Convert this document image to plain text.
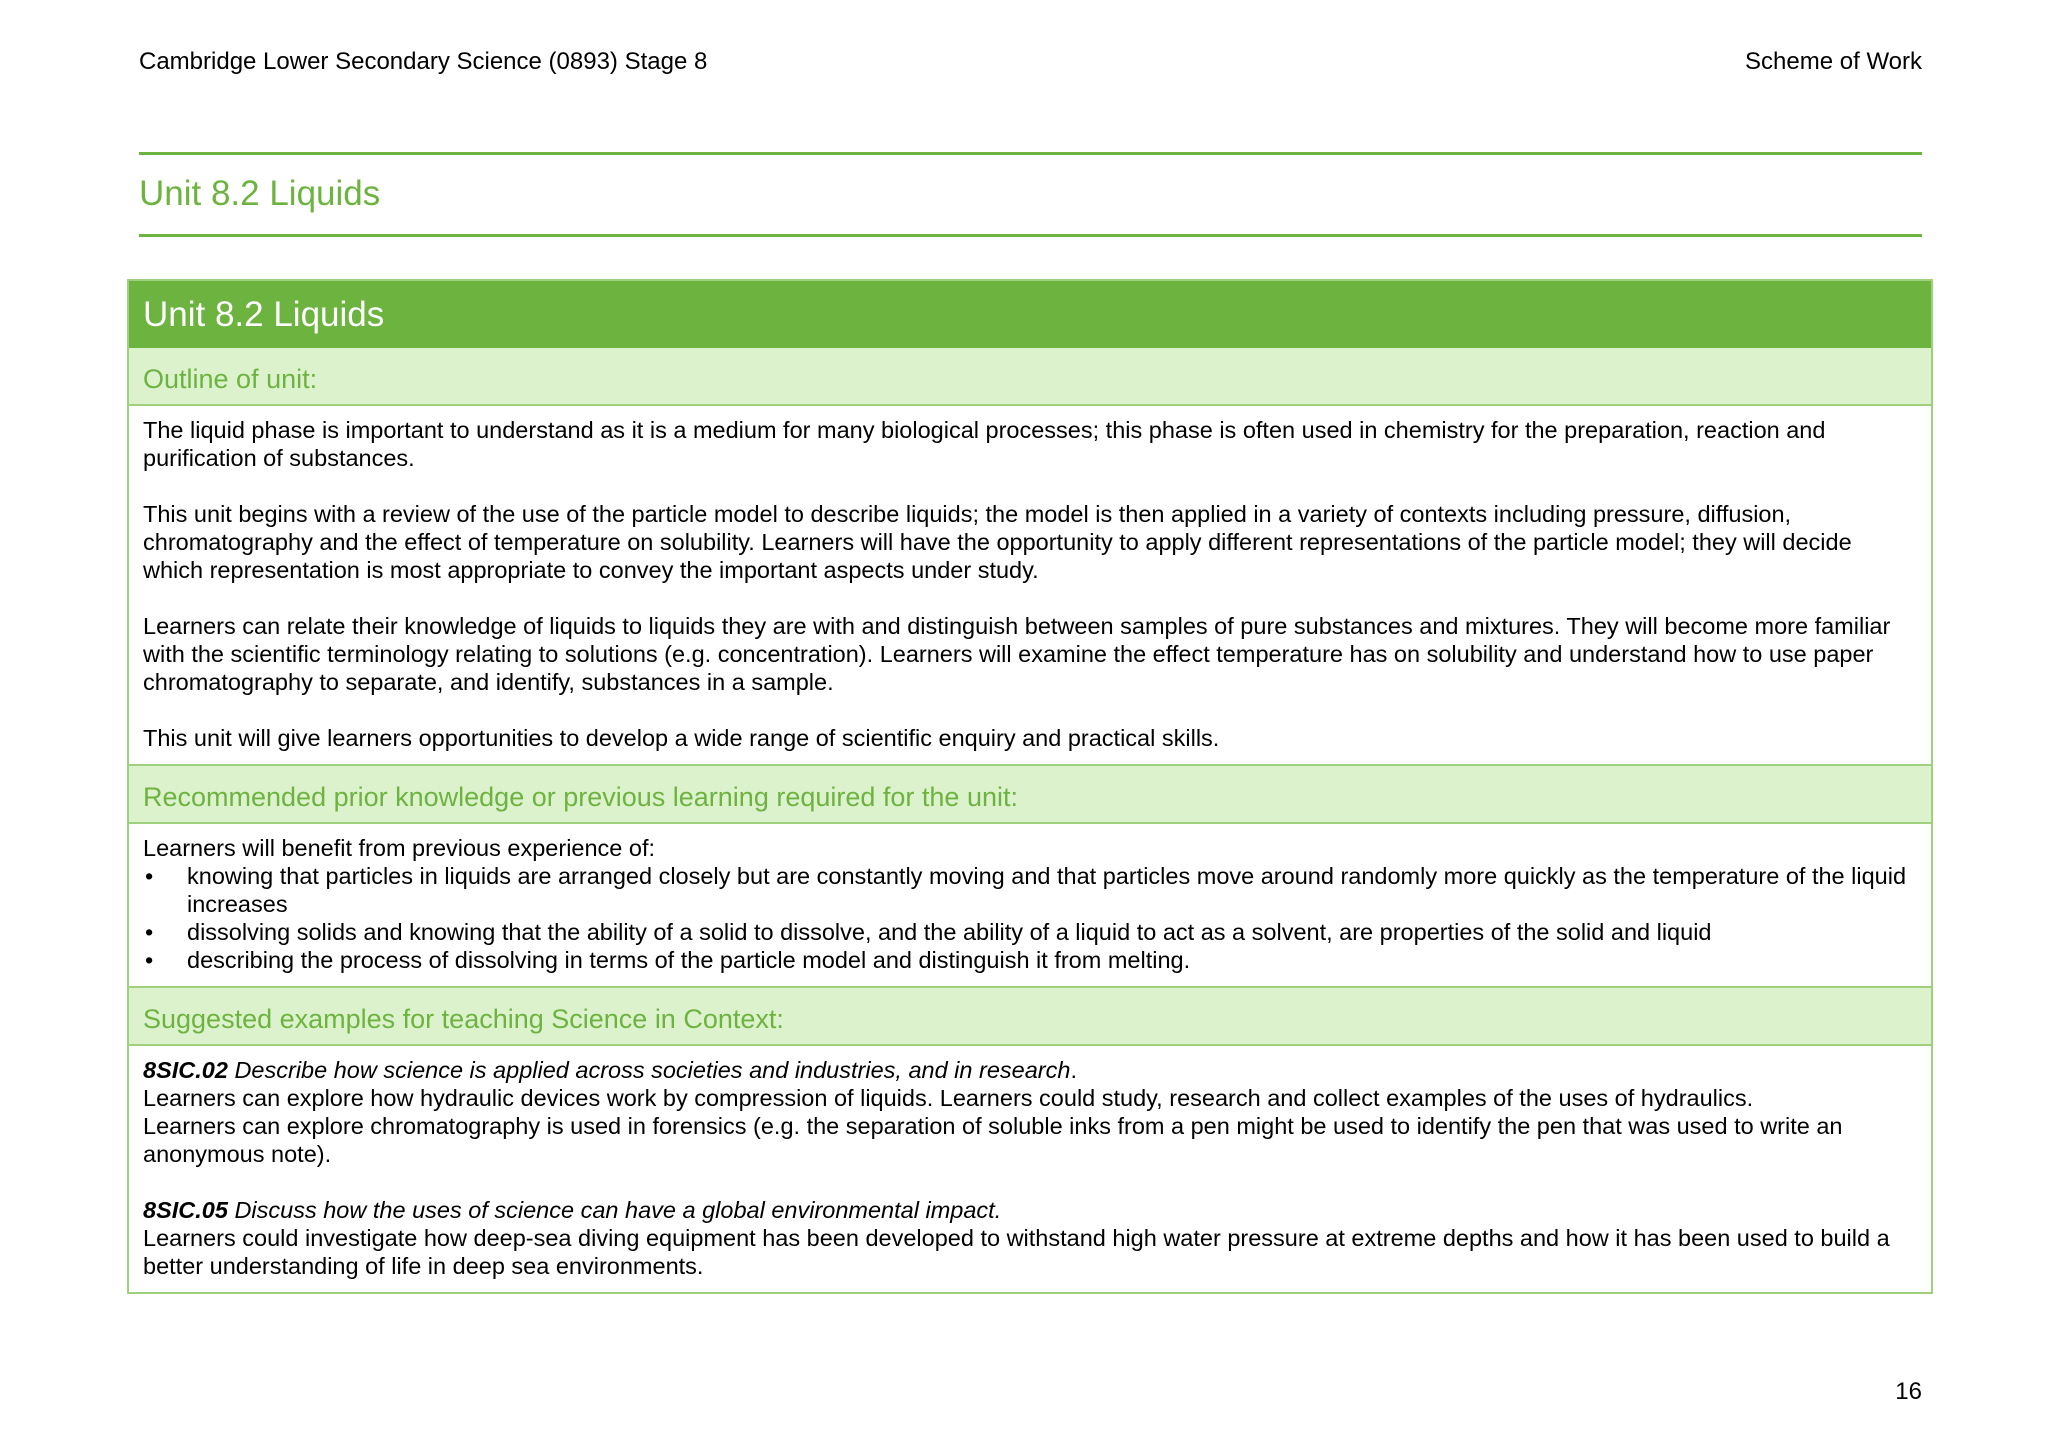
Cambridge Lower Secondary Science (0893) Stage 8	Scheme of Work
Unit 8.2 Liquids
Unit 8.2 Liquids
Outline of unit:

The liquid phase is important to understand as it is a medium for many biological processes; this phase is often used in chemistry for the preparation, reaction and purification of substances.

This unit begins with a review of the use of the particle model to describe liquids; the model is then applied in a variety of contexts including pressure, diffusion, chromatography and the effect of temperature on solubility. Learners will have the opportunity to apply different representations of the particle model; they will decide which representation is most appropriate to convey the important aspects under study.

Learners can relate their knowledge of liquids to liquids they are with and distinguish between samples of pure substances and mixtures. They will become more familiar with the scientific terminology relating to solutions (e.g. concentration). Learners will examine the effect temperature has on solubility and understand how to use paper chromatography to separate, and identify, substances in a sample.

This unit will give learners opportunities to develop a wide range of scientific enquiry and practical skills.

Recommended prior knowledge or previous learning required for the unit:

Learners will benefit from previous experience of:

• knowing that particles in liquids are arranged closely but are constantly moving and that particles move around randomly more quickly as the temperature of the liquid increases
• dissolving solids and knowing that the ability of a solid to dissolve, and the ability of a liquid to act as a solvent, are properties of the solid and liquid
• describing the process of dissolving in terms of the particle model and distinguish it from melting.
Suggested examples for teaching Science in Context:

8SIC.02 Describe how science is applied across societies and industries, and in research.

Learners can explore how hydraulic devices work by compression of liquids. Learners could study, research and collect examples of the uses of hydraulics.

Learners can explore chromatography is used in forensics (e.g. the separation of soluble inks from a pen might be used to identify the pen that was used to write an anonymous note).

8SIC.05 Discuss how the uses of science can have a global environmental impact.

Learners could investigate how deep-sea diving equipment has been developed to withstand high water pressure at extreme depths and how it has been used to build a better understanding of life in deep sea environments.

16
